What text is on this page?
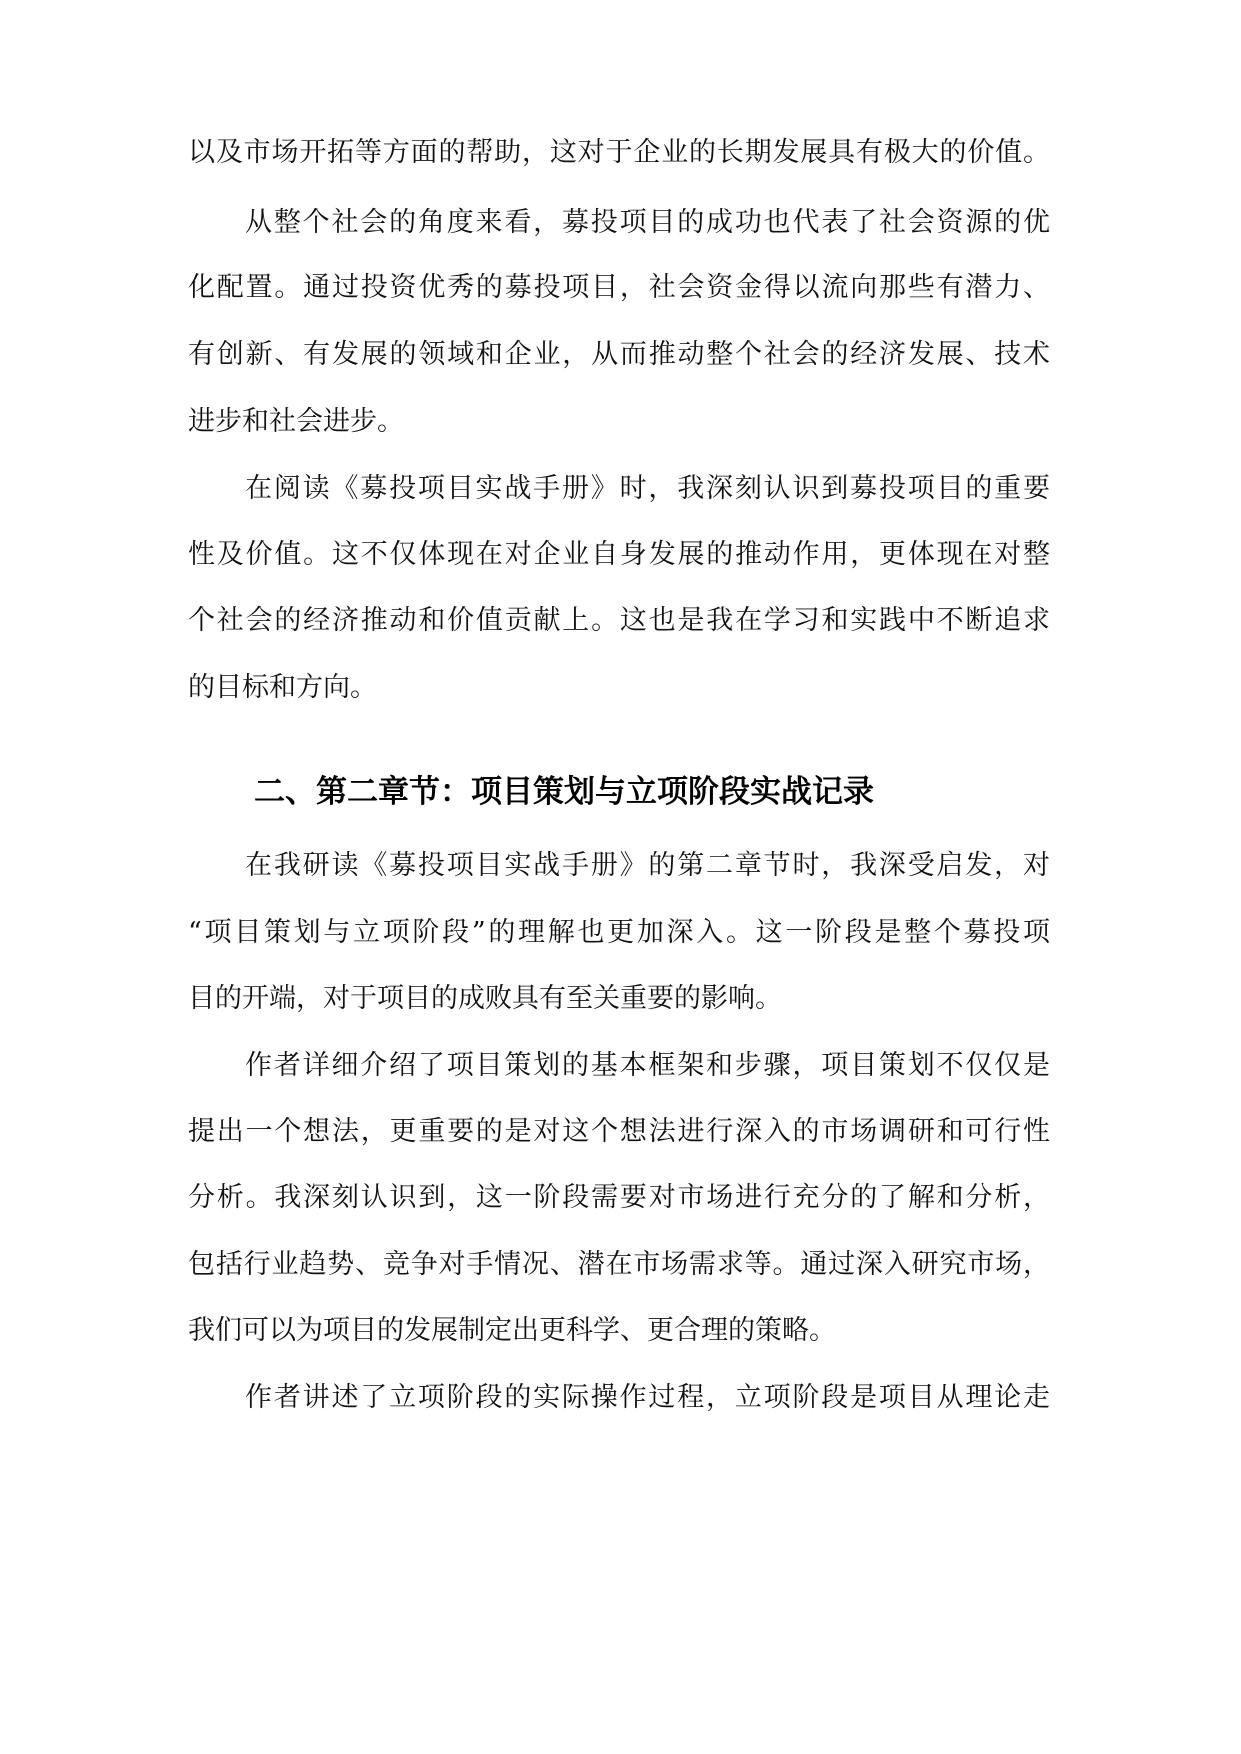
以及市场开拓等方面的帮助，这对于企业的长期发展具有极大的价值。
从整个社会的角度来看，募投项目的成功也代表了社会资源的优
化配置。通过投资优秀的募投项目，社会资金得以流向那些有潜力、
有创新、有发展的领域和企业，从而推动整个社会的经济发展、技术
进步和社会进步。
在阅读《募投项目实战手册》时，我深刻认识到募投项目的重要
性及价值。这不仅体现在对企业自身发展的推动作用，更体现在对整
个社会的经济推动和价值贡献上。这也是我在学习和实践中不断追求
的目标和方向。
二、第二章节：项目策划与立项阶段实战记录
在我研读《募投项目实战手册》的第二章节时，我深受启发，对
“项目策划与立项阶段”的理解也更加深入。这一阶段是整个募投项
目的开端，对于项目的成败具有至关重要的影响。
作者详细介绍了项目策划的基本框架和步骤，项目策划不仅仅是
提出一个想法，更重要的是对这个想法进行深入的市场调研和可行性
分析。我深刻认识到，这一阶段需要对市场进行充分的了解和分析，
包括行业趋势、竞争对手情况、潜在市场需求等。通过深入研究市场，
我们可以为项目的发展制定出更科学、更合理的策略。
作者讲述了立项阶段的实际操作过程，立项阶段是项目从理论走
